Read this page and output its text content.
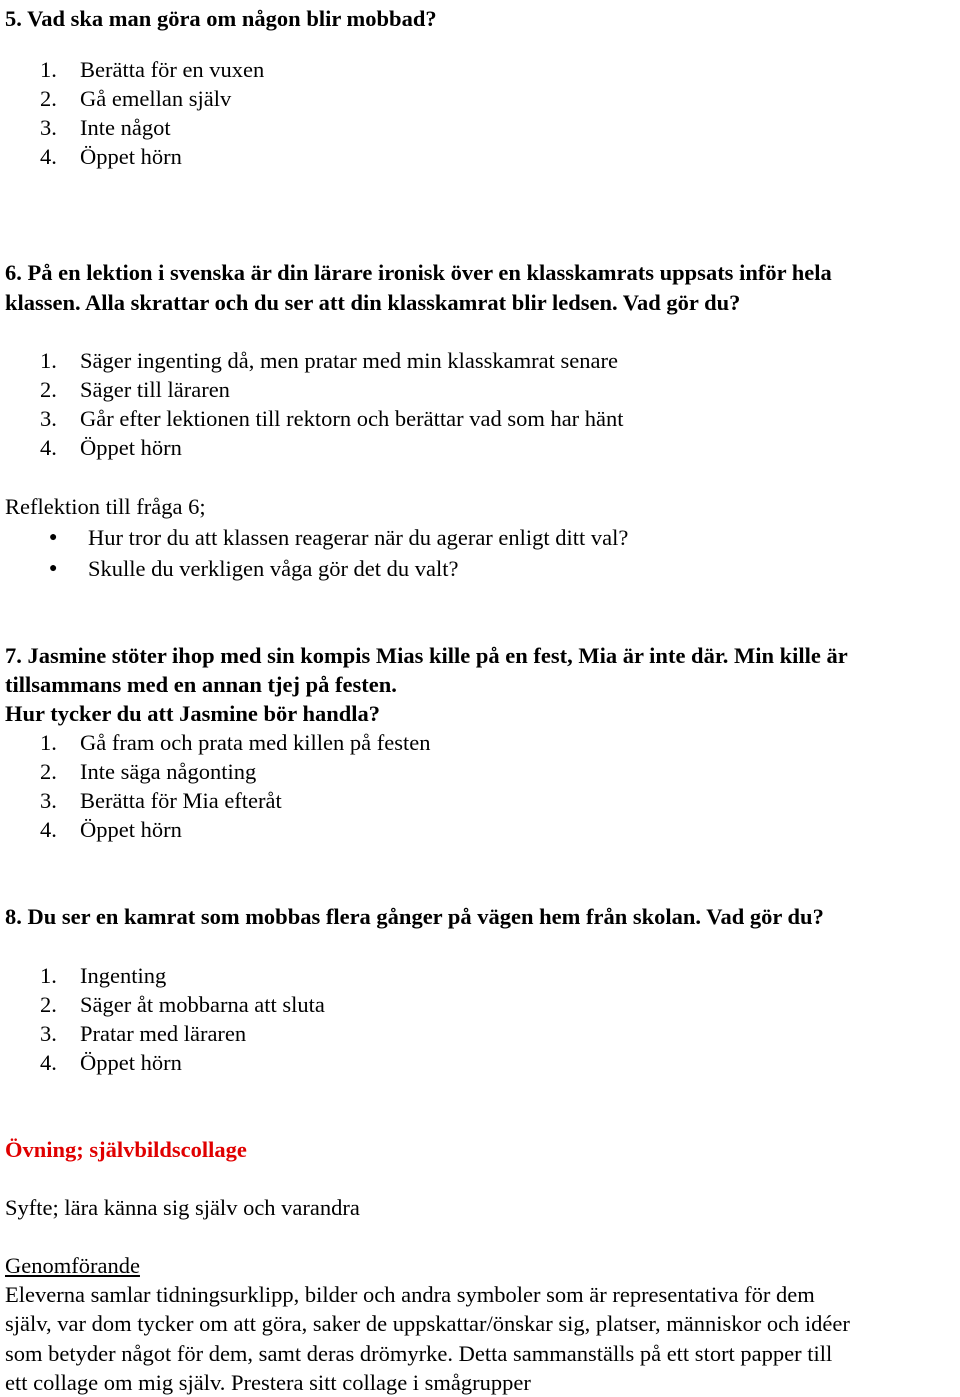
5. Vad ska man göra om någon blir mobbad?
1. Berätta för en vuxen
2. Gå emellan själv
3. Inte något
4. Öppet hörn
6. På en lektion i svenska är din lärare ironisk över en klasskamrats uppsats inför hela
klassen. Alla skrattar och du ser att din klasskamrat blir ledsen. Vad gör du?
1. Säger ingenting då, men pratar med min klasskamrat senare
2. Säger till läraren
3. Går efter lektionen till rektorn och berättar vad som har hänt
4. Öppet hörn
Reflektion till fråga 6;
● Hur tror du att klassen reagerar när du agerar enligt ditt val?
● Skulle du verkligen våga gör det du valt?
7. Jasmine stöter ihop med sin kompis Mias kille på en fest, Mia är inte där. Min kille är
tillsammans med en annan tjej på festen.
Hur tycker du att Jasmine bör handla?
1. Gå fram och prata med killen på festen
2. Inte säga någonting
3. Berätta för Mia efteråt
4. Öppet hörn
8. Du ser en kamrat som mobbas flera gånger på vägen hem från skolan. Vad gör du?
1. Ingenting
2. Säger åt mobbarna att sluta
3. Pratar med läraren
4. Öppet hörn
Övning; självbildscollage
Syfte; lära känna sig själv och varandra
Genomförande
Eleverna samlar tidningsurklipp, bilder och andra symboler som är representativa för dem
själv, var dom tycker om att göra, saker de uppskattar/önskar sig, platser, människor och idéer
som betyder något för dem, samt deras drömyrke. Detta sammanställs på ett stort papper till
ett collage om mig själv. Prestera sitt collage i smågrupper
